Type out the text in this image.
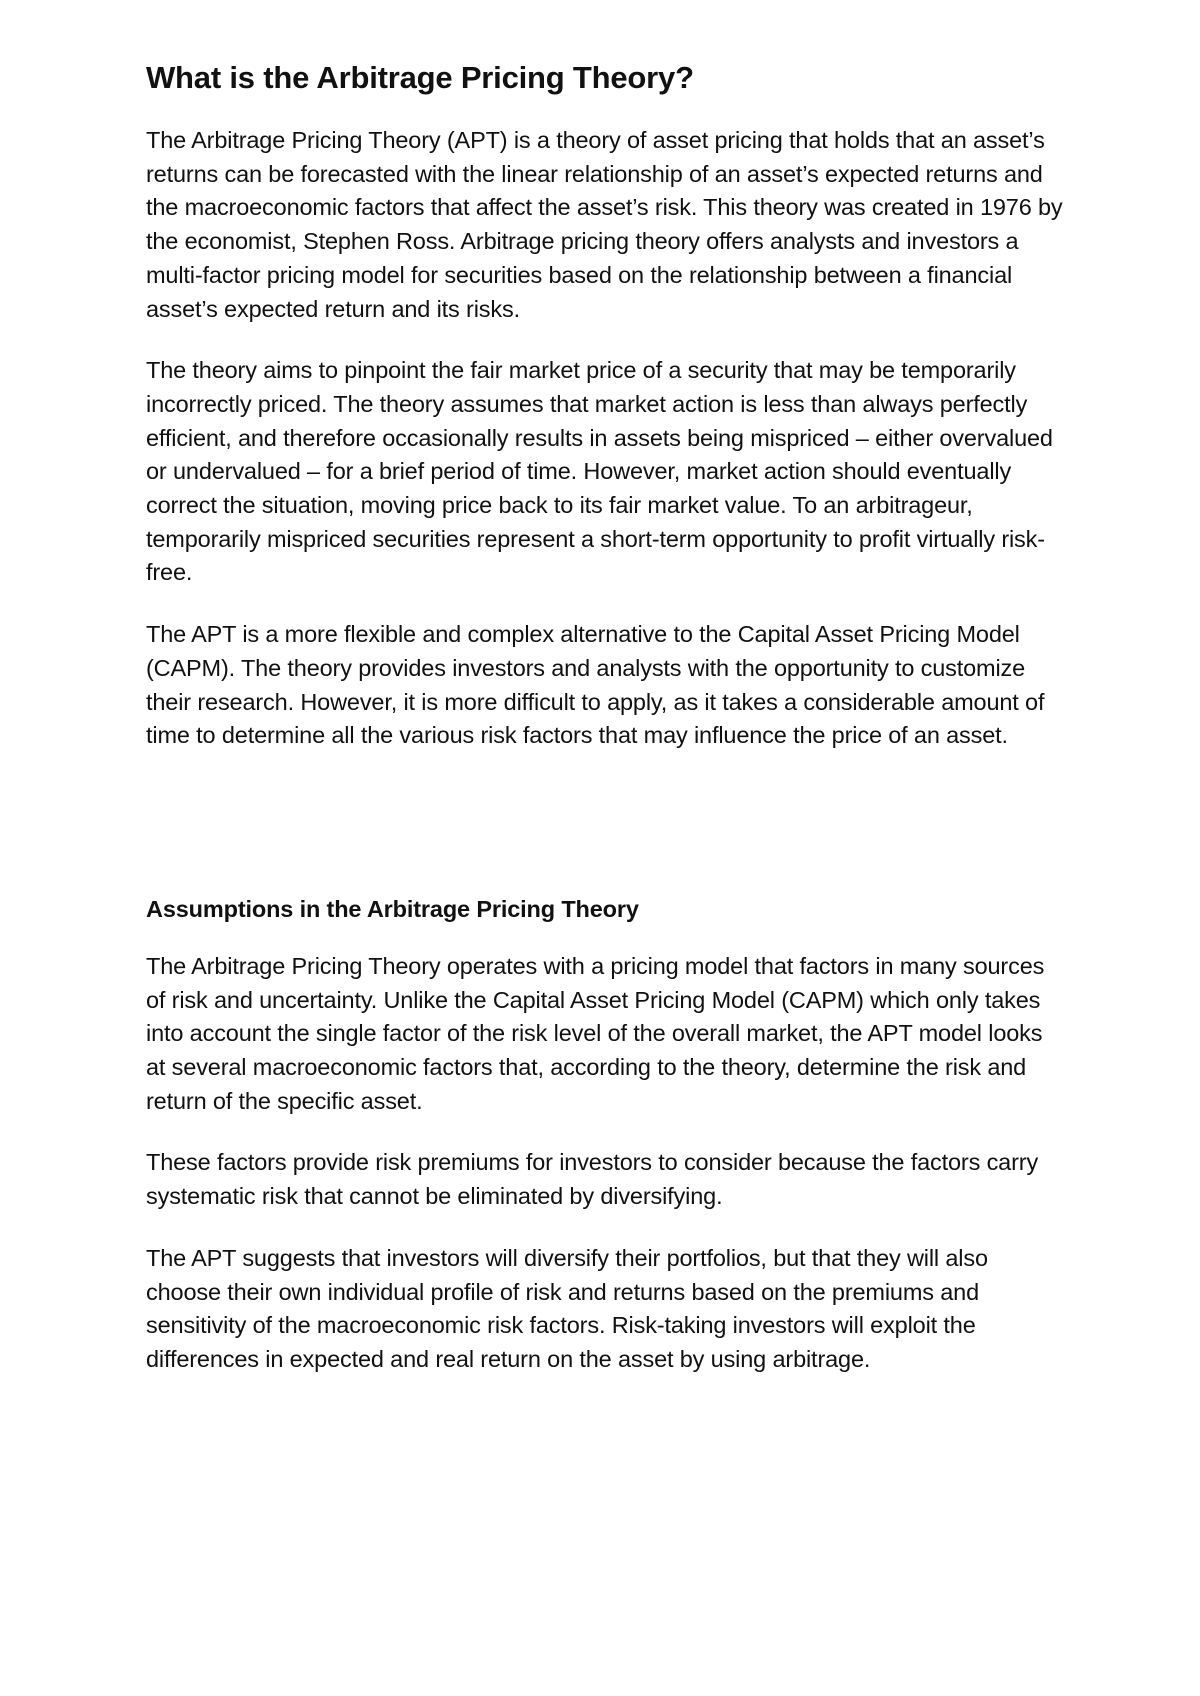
What is the Arbitrage Pricing Theory?

The Arbitrage Pricing Theory (APT) is a theory of asset pricing that holds that an asset’s returns can be forecasted with the linear relationship of an asset’s expected returns and the macroeconomic factors that affect the asset’s risk. This theory was created in 1976 by the economist, Stephen Ross. Arbitrage pricing theory offers analysts and investors a multi-factor pricing model for securities based on the relationship between a financial asset’s expected return and its risks.

The theory aims to pinpoint the fair market price of a security that may be temporarily incorrectly priced. The theory assumes that market action is less than always perfectly efficient, and therefore occasionally results in assets being mispriced – either overvalued or undervalued – for a brief period of time. However, market action should eventually correct the situation, moving price back to its fair market value. To an arbitrageur, temporarily mispriced securities represent a short-term opportunity to profit virtually risk-free.

The APT is a more flexible and complex alternative to the Capital Asset Pricing Model (CAPM). The theory provides investors and analysts with the opportunity to customize their research. However, it is more difficult to apply, as it takes a considerable amount of time to determine all the various risk factors that may influence the price of an asset.

Assumptions in the Arbitrage Pricing Theory

The Arbitrage Pricing Theory operates with a pricing model that factors in many sources of risk and uncertainty. Unlike the Capital Asset Pricing Model (CAPM) which only takes into account the single factor of the risk level of the overall market, the APT model looks at several macroeconomic factors that, according to the theory, determine the risk and return of the specific asset.

These factors provide risk premiums for investors to consider because the factors carry systematic risk that cannot be eliminated by diversifying.

The APT suggests that investors will diversify their portfolios, but that they will also choose their own individual profile of risk and returns based on the premiums and sensitivity of the macroeconomic risk factors. Risk-taking investors will exploit the differences in expected and real return on the asset by using arbitrage.
